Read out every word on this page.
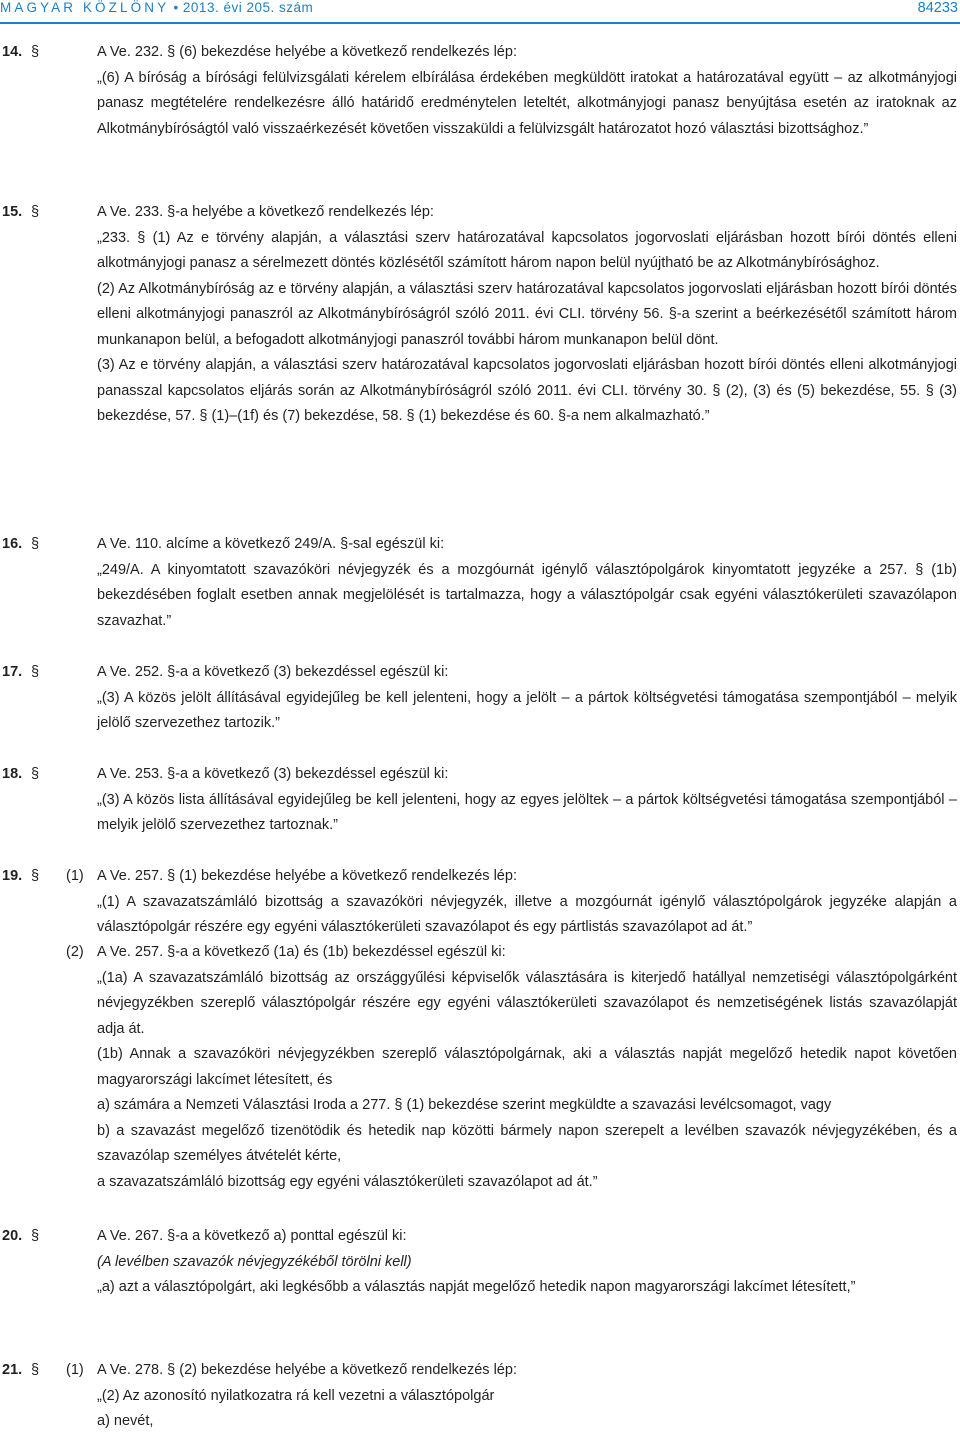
MAGYAR KÖZLÖNY • 2013. évi 205. szám	84233
14. §	A Ve. 232. § (6) bekezdése helyébe a következő rendelkezés lép:

„(6) A bíróság a bírósági felülvizsgálati kérelem elbírálása érdekében megküldött iratokat a határozatával együtt – az alkotmányjogi panasz megtételére rendelkezésre álló határidő eredménytelen leteltét, alkotmányjogi panasz benyújtása esetén az iratoknak az Alkotmánybíróságtól való visszaérkezését követően visszaküldi a felülvizsgált határozatot hozó választási bizottsághoz.”

15. §	A Ve. 233. §-a helyébe a következő rendelkezés lép:

„233. § (1) Az e törvény alapján, a választási szerv határozatával kapcsolatos jogorvoslati eljárásban hozott bírói döntés elleni alkotmányjogi panasz a sérelmezett döntés közlésétől számított három napon belül nyújtható be az Alkotmánybírósághoz.

(2) Az Alkotmánybíróság az e törvény alapján, a választási szerv határozatával kapcsolatos jogorvoslati eljárásban hozott bírói döntés elleni alkotmányjogi panaszról az Alkotmánybíróságról szóló 2011. évi CLI. törvény 56. §-a szerint a beérkezésétől számított három munkanapon belül, a befogadott alkotmányjogi panaszról további három munkanapon belül dönt.

(3) Az e törvény alapján, a választási szerv határozatával kapcsolatos jogorvoslati eljárásban hozott bírói döntés elleni alkotmányjogi panasszal kapcsolatos eljárás során az Alkotmánybíróságról szóló 2011. évi CLI. törvény 30. § (2), (3) és (5) bekezdése, 55. § (3) bekezdése, 57. § (1)–(1f) és (7) bekezdése, 58. § (1) bekezdése és 60. §-a nem alkalmazható.”

16. §	A Ve. 110. alcíme a következő 249/A. §-sal egészül ki:

„249/A. A kinyomtatott szavazóköri névjegyzék és a mozgóurnát igénylő választópolgárok kinyomtatott jegyzéke a 257. § (1b) bekezdésében foglalt esetben annak megjelölését is tartalmazza, hogy a választópolgár csak egyéni választókerületi szavazólapon szavazhat.”

17. §	A Ve. 252. §-a a következő (3) bekezdéssel egészül ki:

„(3) A közös jelölt állításával egyidejűleg be kell jelenteni, hogy a jelölt – a pártok költségvetési támogatása szempontjából – melyik jelölő szervezethez tartozik.”

18. §	A Ve. 253. §-a a következő (3) bekezdéssel egészül ki:

„(3) A közös lista állításával egyidejűleg be kell jelenteni, hogy az egyes jelöltek – a pártok költségvetési támogatása szempontjából – melyik jelölő szervezethez tartoznak.”

19. § (1) A Ve. 257. § (1) bekezdése helyébe a következő rendelkezés lép:

„(1) A szavazatszámláló bizottság a szavazóköri névjegyzék, illetve a mozgóurnát igénylő választópolgárok jegyzéke alapján a választópolgár részére egy egyéni választókerületi szavazólapot és egy pártlistás szavazólapot ad át.”

(2) A Ve. 257. §-a a következő (1a) és (1b) bekezdéssel egészül ki:

„(1a) A szavazatszámláló bizottság az országgyűlési képviselők választására is kiterjedő hatállyal nemzetiségi választópolgárként névjegyzékben szereplő választópolgár részére egy egyéni választókerületi szavazólapot és nemzetiségének listás szavazólapját adja át.

(1b) Annak a szavazóköri névjegyzékben szereplő választópolgárnak, aki a választás napját megelőző hetedik napot követően magyarországi lakcímet létesített, és

a) számára a Nemzeti Választási Iroda a 277. § (1) bekezdése szerint megküldte a szavazási levélcsomagot, vagy

b) a szavazást megelőző tizenötödik és hetedik nap közötti bármely napon szerepelt a levélben szavazók névjegyzékében, és a szavazólap személyes átvételét kérte,

a szavazatszámláló bizottság egy egyéni választókerületi szavazólapot ad át.”

20. §	A Ve. 267. §-a a következő a) ponttal egészül ki:

(A levélben szavazók névjegyzékéből törölni kell)

„a) azt a választópolgárt, aki legkésőbb a választás napját megelőző hetedik napon magyarországi lakcímet létesített,”

21. § (1) A Ve. 278. § (2) bekezdése helyébe a következő rendelkezés lép:

„(2) Az azonosító nyilatkozatra rá kell vezetni a választópolgár

a) nevét,
